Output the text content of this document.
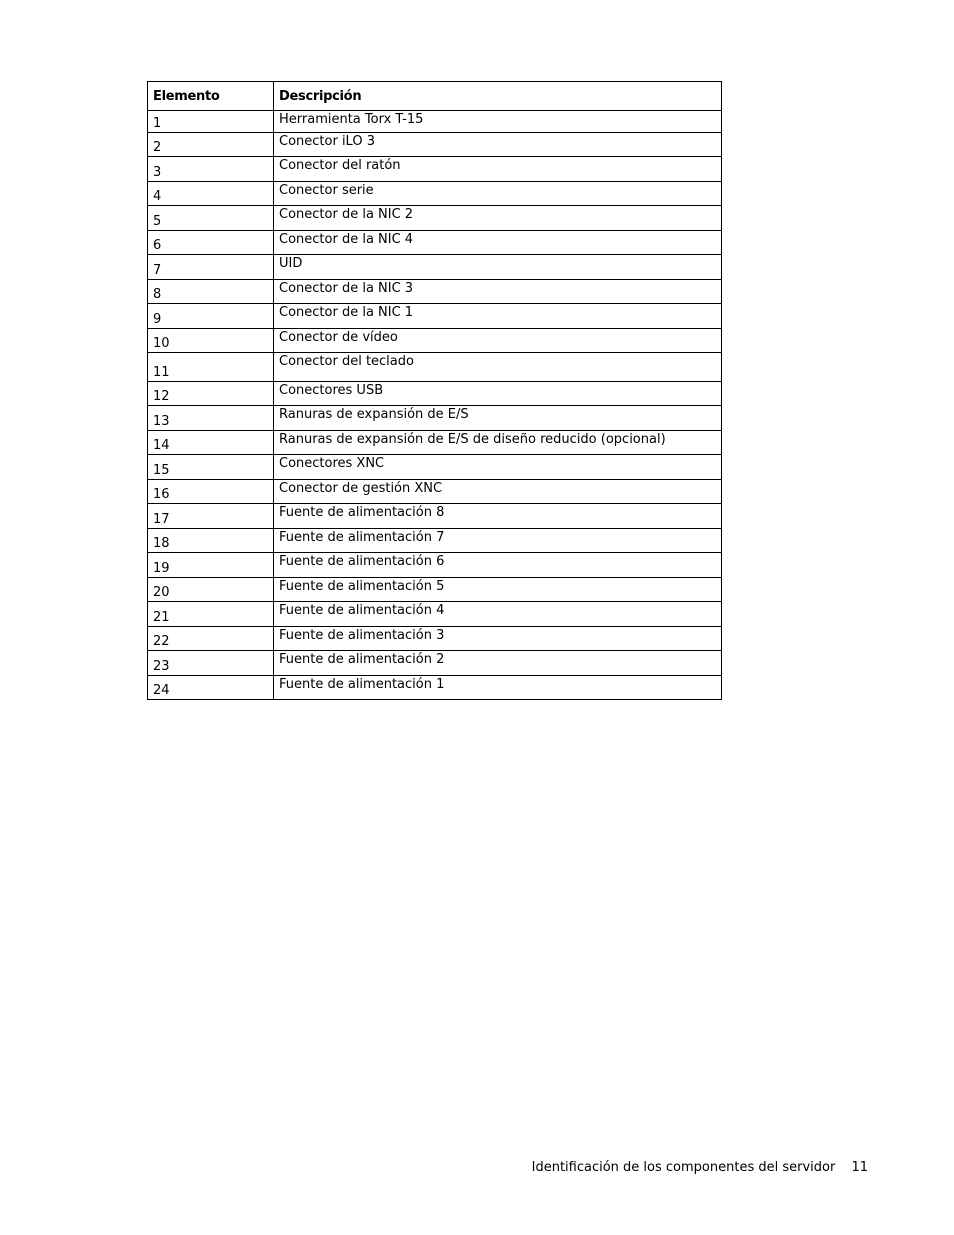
Elemento	Descripción
1	Herramienta Torx T-15
2	Conector iLO 3
3	Conector del ratón
4	Conector serie
5	Conector de la NIC 2
6	Conector de la NIC 4
7	UID
8	Conector de la NIC 3
9	Conector de la NIC 1
10	Conector de vídeo
11	Conector del teclado
12	Conectores USB
13	Ranuras de expansión de E/S
14	Ranuras de expansión de E/S de diseño reducido (opcional)
15	Conectores XNC
16	Conector de gestión XNC
17	Fuente de alimentación 8
18	Fuente de alimentación 7
19	Fuente de alimentación 6
20	Fuente de alimentación 5
21	Fuente de alimentación 4
22	Fuente de alimentación 3
23	Fuente de alimentación 2
24	Fuente de alimentación 1
Identificación de los componentes del servidor 11
